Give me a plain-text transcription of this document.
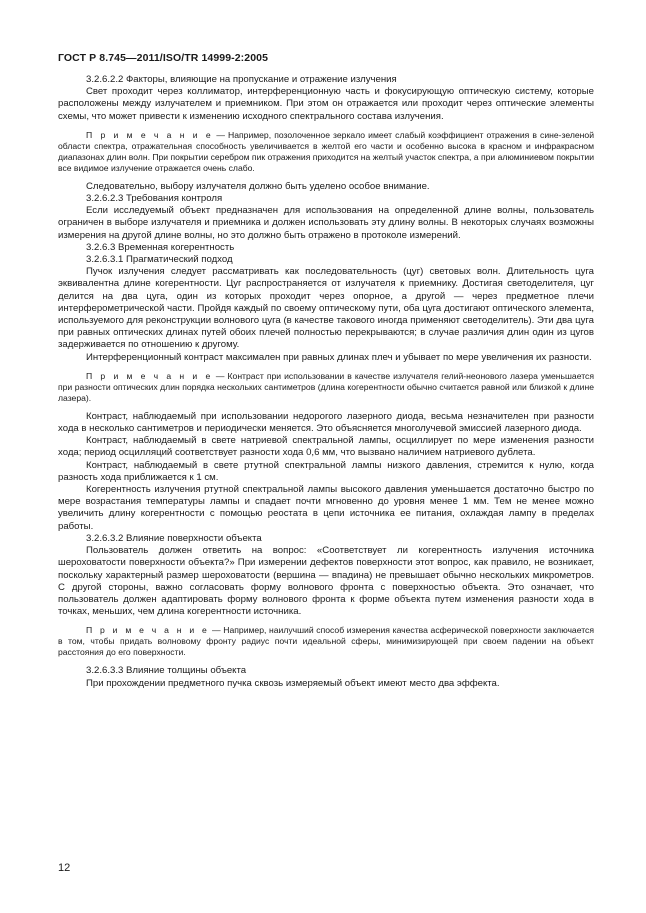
ГОСТ Р 8.745—2011/ISO/TR 14999-2:2005

3.2.6.2.2 Факторы, влияющие на пропускание и отражение излучения

Свет проходит через коллиматор, интерференционную часть и фокусирующую оптическую систему, которые расположены между излучателем и приемником. При этом он отражается или проходит через оптические элементы схемы, что может привести к изменению исходного спектрального состава излучения.

П р и м е ч а н и е — Например, позолоченное зеркало имеет слабый коэффициент отражения в сине-зеленой области спектра, отражательная способность увеличивается в желтой его части и особенно высока в красном и инфракрасном диапазонах длин волн. При покрытии серебром пик отражения приходится на желтый участок спектра, а при алюминиевом покрытии все видимое излучение отражается очень слабо.

Следовательно, выбору излучателя должно быть уделено особое внимание.

3.2.6.2.3 Требования контроля

Если исследуемый объект предназначен для использования на определенной длине волны, пользователь ограничен в выборе излучателя и приемника и должен использовать эту длину волны. В некоторых случаях возможны измерения на другой длине волны, но это должно быть отражено в протоколе измерений.

3.2.6.3 Временная когерентность

3.2.6.3.1 Прагматический подход

Пучок излучения следует рассматривать как последовательность (цуг) световых волн. Длительность цуга эквивалентна длине когерентности. Цуг распространяется от излучателя к приемнику. Достигая светоделителя, цуг делится на два цуга, один из которых проходит через опорное, а другой — через предметное плечи интерферометрической части. Пройдя каждый по своему оптическому пути, оба цуга достигают оптического элемента, используемого для реконструкции волнового цуга (в качестве такового иногда применяют светоделитель). Эти два цуга при равных оптических длинах путей обоих плечей полностью перекрываются; в случае различия длин один из цугов задерживается по отношению к другому.

Интерференционный контраст максимален при равных длинах плеч и убывает по мере увеличения их разности.

П р и м е ч а н и е — Контраст при использовании в качестве излучателя гелий-неонового лазера уменьшается при разности оптических длин порядка нескольких сантиметров (длина когерентности обычно считается равной или близкой к длине лазера).

Контраст, наблюдаемый при использовании недорогого лазерного диода, весьма незначителен при разности хода в несколько сантиметров и периодически меняется. Это объясняется многолучевой эмиссией лазерного диода.

Контраст, наблюдаемый в свете натриевой спектральной лампы, осциллирует по мере изменения разности хода; период осцилляций соответствует разности хода 0,6 мм, что вызвано наличием натриевого дублета.

Контраст, наблюдаемый в свете ртутной спектральной лампы низкого давления, стремится к нулю, когда разность хода приближается к 1 см.

Когерентность излучения ртутной спектральной лампы высокого давления уменьшается достаточно быстро по мере возрастания температуры лампы и спадает почти мгновенно до уровня менее 1 мм. Тем не менее можно увеличить длину когерентности с помощью реостата в цепи источника ее питания, охлаждая лампу в пределах работы.

3.2.6.3.2 Влияние поверхности объекта

Пользователь должен ответить на вопрос: «Соответствует ли когерентность излучения источника шероховатости поверхности объекта?» При измерении дефектов поверхности этот вопрос, как правило, не возникает, поскольку характерный размер шероховатости (вершина — впадина) не превышает обычно нескольких микрометров. С другой стороны, важно согласовать форму волнового фронта с поверхностью объекта. Это означает, что пользователь должен адаптировать форму волнового фронта к форме объекта путем изменения разности хода в точках, меньших, чем длина когерентности источника.

П р и м е ч а н и е — Например, наилучший способ измерения качества асферической поверхности заключается в том, чтобы придать волновому фронту радиус почти идеальной сферы, минимизирующей при своем падении на объект расстояния до его поверхности.

3.2.6.3.3 Влияние толщины объекта

При прохождении предметного пучка сквозь измеряемый объект имеют место два эффекта.

12
